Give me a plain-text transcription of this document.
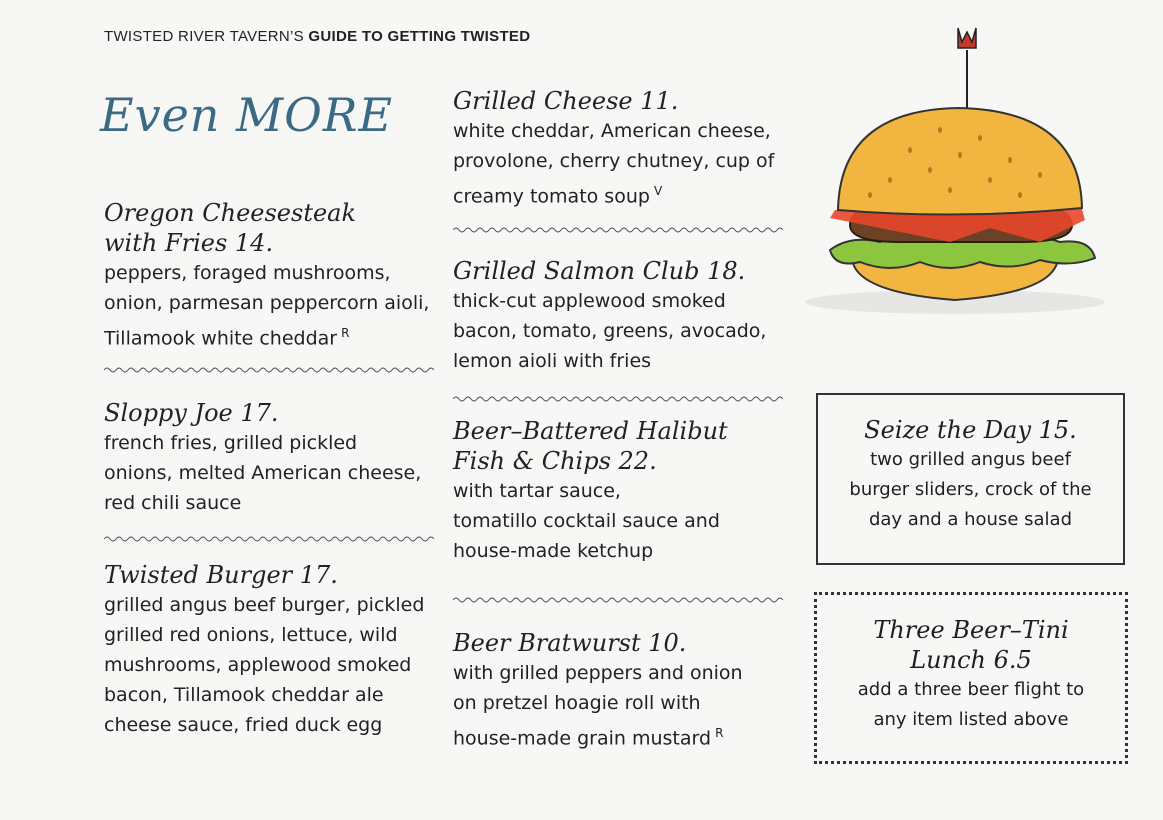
TWISTED RIVER TAVERN’S GUIDE TO GETTING TWISTED
Even MORE
Oregon Cheesesteak
with Fries 14.
peppers, foraged mushrooms,
onion, parmesan peppercorn aioli,
Tillamook white cheddar $^R$
Sloppy Joe 17.
french fries, grilled pickled
onions, melted American cheese,
red chili sauce
Twisted Burger 17.
grilled angus beef burger, pickled
grilled red onions, lettuce, wild
mushrooms, applewood smoked
bacon, Tillamook cheddar ale
cheese sauce, fried duck egg
Grilled Cheese 11.
white cheddar, American cheese,
provolone, cherry chutney, cup of
creamy tomato soup $^V$
Grilled Salmon Club 18.
thick-cut applewood smoked
bacon, tomato, greens, avocado,
lemon aioli with fries
Beer–Battered Halibut
Fish & Chips 22.
with tartar sauce,
tomatillo cocktail sauce and
house-made ketchup
Beer Bratwurst 10.
with grilled peppers and onion
on pretzel hoagie roll with
house-made grain mustard $^R$
Seize the Day 15.
two grilled angus beef
burger sliders, crock of the
day and a house salad
Three Beer–Tini
Lunch 6.5
add a three beer flight to
any item listed above
